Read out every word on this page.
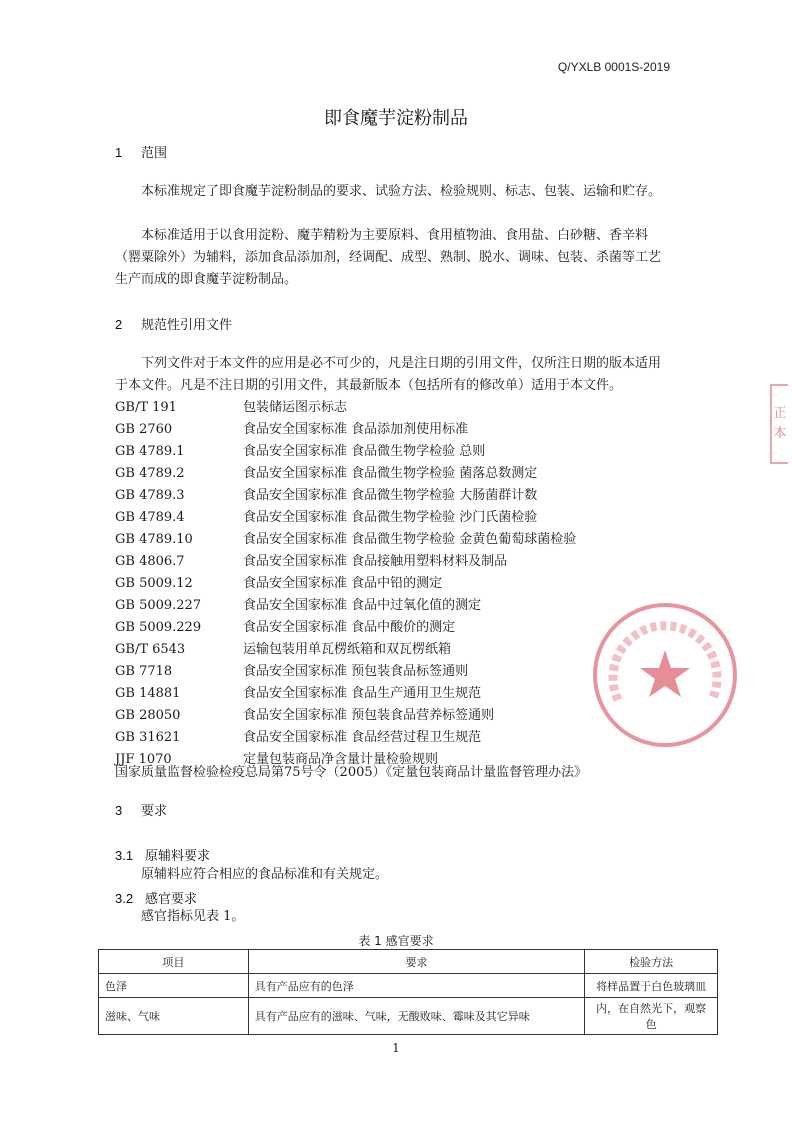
Q/YXLB 0001S-2019
即食魔芋淀粉制品
1 范围

本标准规定了即食魔芋淀粉制品的要求、试验方法、检验规则、标志、包装、运输和贮存。

本标准适用于以食用淀粉、魔芋精粉为主要原料、食用植物油、食用盐、白砂糖、香辛料（罂粟除外）为辅料，添加食品添加剂，经调配、成型、熟制、脱水、调味、包装、杀菌等工艺生产而成的即食魔芋淀粉制品。

2 规范性引用文件

下列文件对于本文件的应用是必不可少的，凡是注日期的引用文件，仅所注日期的版本适用于本文件。凡是不注日期的引用文件，其最新版本（包括所有的修改单）适用于本文件。

GB/T 191	包装储运图示标志
GB 2760	食品安全国家标准 食品添加剂使用标准
GB 4789.1	食品安全国家标准 食品微生物学检验 总则
GB 4789.2	食品安全国家标准 食品微生物学检验 菌落总数测定
GB 4789.3	食品安全国家标准 食品微生物学检验 大肠菌群计数
GB 4789.4	食品安全国家标准 食品微生物学检验 沙门氏菌检验
GB 4789.10	食品安全国家标准 食品微生物学检验 金黄色葡萄球菌检验
GB 4806.7	食品安全国家标准 食品接触用塑料材料及制品
GB 5009.12	食品安全国家标准 食品中铅的测定
GB 5009.227	食品安全国家标准 食品中过氧化值的测定
GB 5009.229	食品安全国家标准 食品中酸价的测定
GB/T 6543	运输包装用单瓦楞纸箱和双瓦楞纸箱
GB 7718	食品安全国家标准 预包装食品标签通则
GB 14881	食品安全国家标准 食品生产通用卫生规范
GB 28050	食品安全国家标准 预包装食品营养标签通则
GB 31621	食品安全国家标准 食品经营过程卫生规范
JJF 1070	定量包装商品净含量计量检验规则
国家质量监督检验检疫总局第75号令（2005）《定量包装商品计量监督管理办法》
3 要求
3.1 原辅料要求

原辅料应符合相应的食品标准和有关规定。

3.2 感官要求

感官指标见表 1。

表 1 感官要求
项目	要求	检验方法
色泽	具有产品应有的色泽	将样品置于白色玻璃皿
滋味、气味	具有产品应有的滋味、气味，无酸败味、霉味及其它异味	内，在自然光下，观察色
1
正本
